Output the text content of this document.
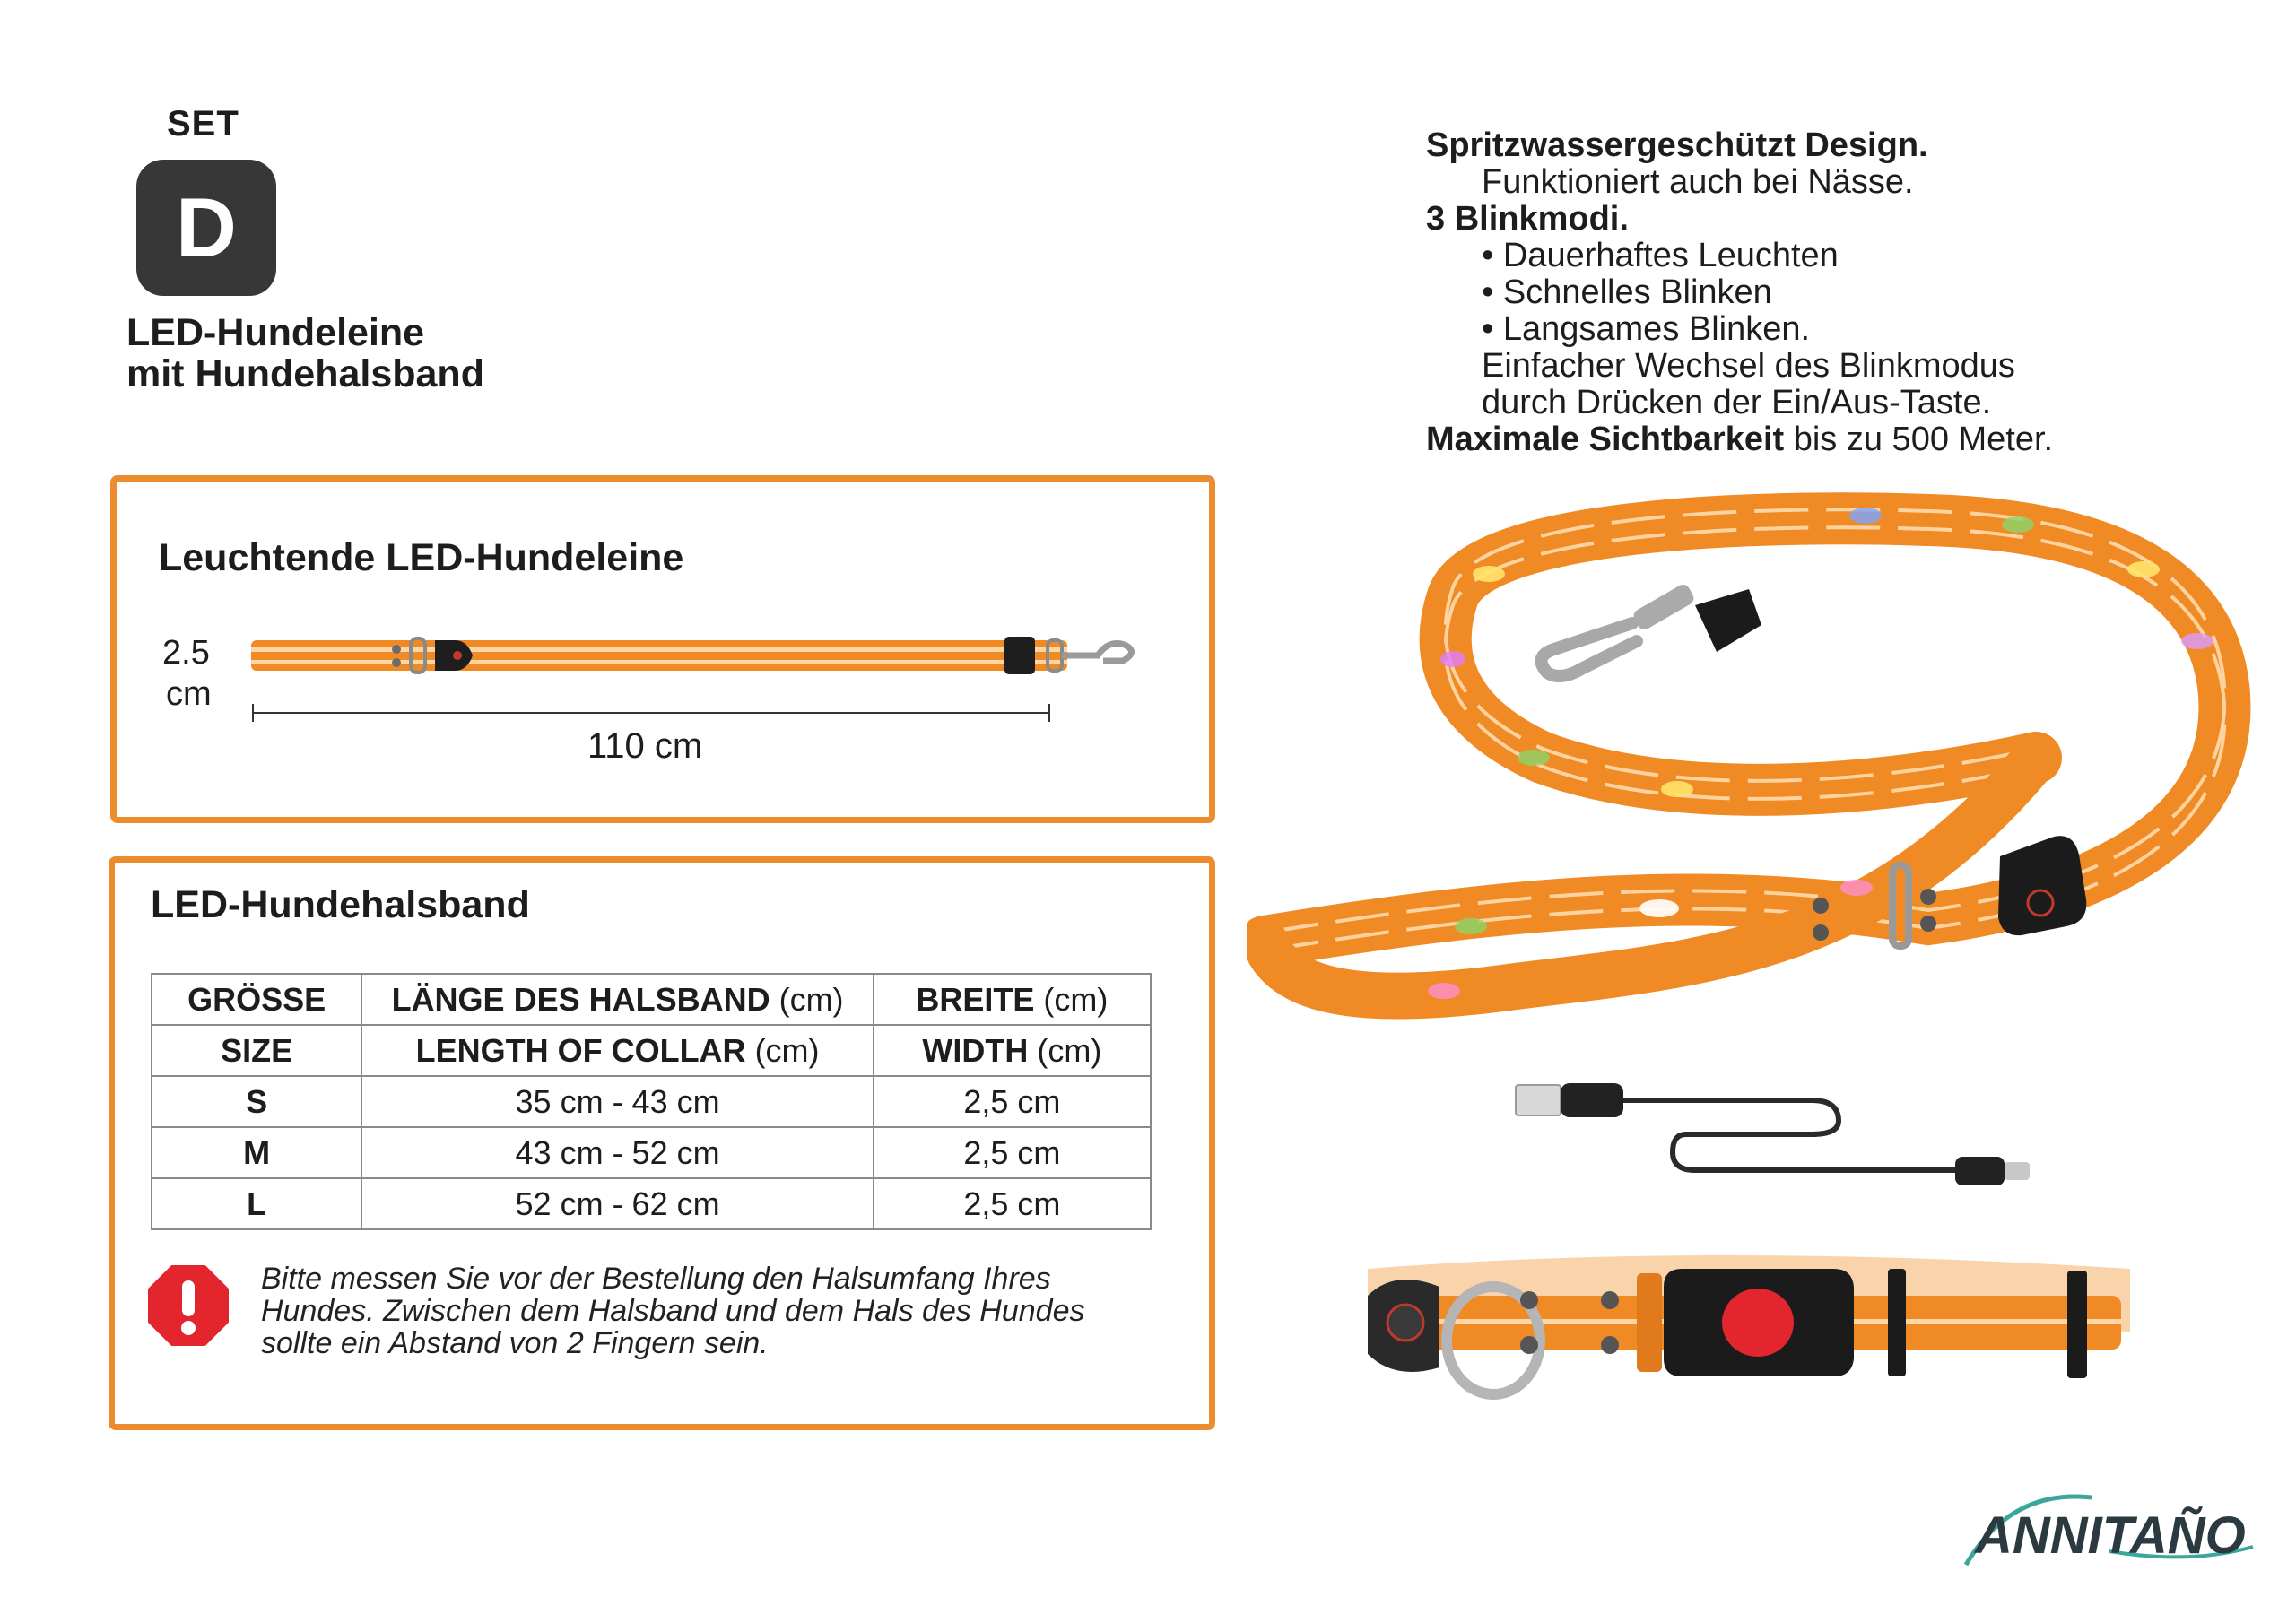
SET
D
LED-Hundeleine
mit Hundehalsband
Spritzwassergeschützt Design.
Funktioniert auch bei Nässe.
3 Blinkmodi.
• Dauerhaftes Leuchten
• Schnelles Blinken
• Langsames Blinken.
Einfacher Wechsel des Blinkmodus
durch Drücken der Ein/Aus-Taste.
Maximale Sichtbarkeit bis zu 500 Meter.
Leuchtende LED-Hundeleine
2.5
cm
110 cm
LED-Hundehalsband
GRÖSSE	LÄNGE DES HALSBAND (cm)	BREITE (cm)
SIZE	LENGTH OF COLLAR (cm)	WIDTH (cm)
S	35 cm - 43 cm	2,5 cm
M	43 cm - 52 cm	2,5 cm
L	52 cm - 62 cm	2,5 cm
Bitte messen Sie vor der Bestellung den Halsumfang Ihres
Hundes. Zwischen dem Halsband und dem Hals des Hundes
sollte ein Abstand von 2 Fingern sein.
ANNITAÑO
